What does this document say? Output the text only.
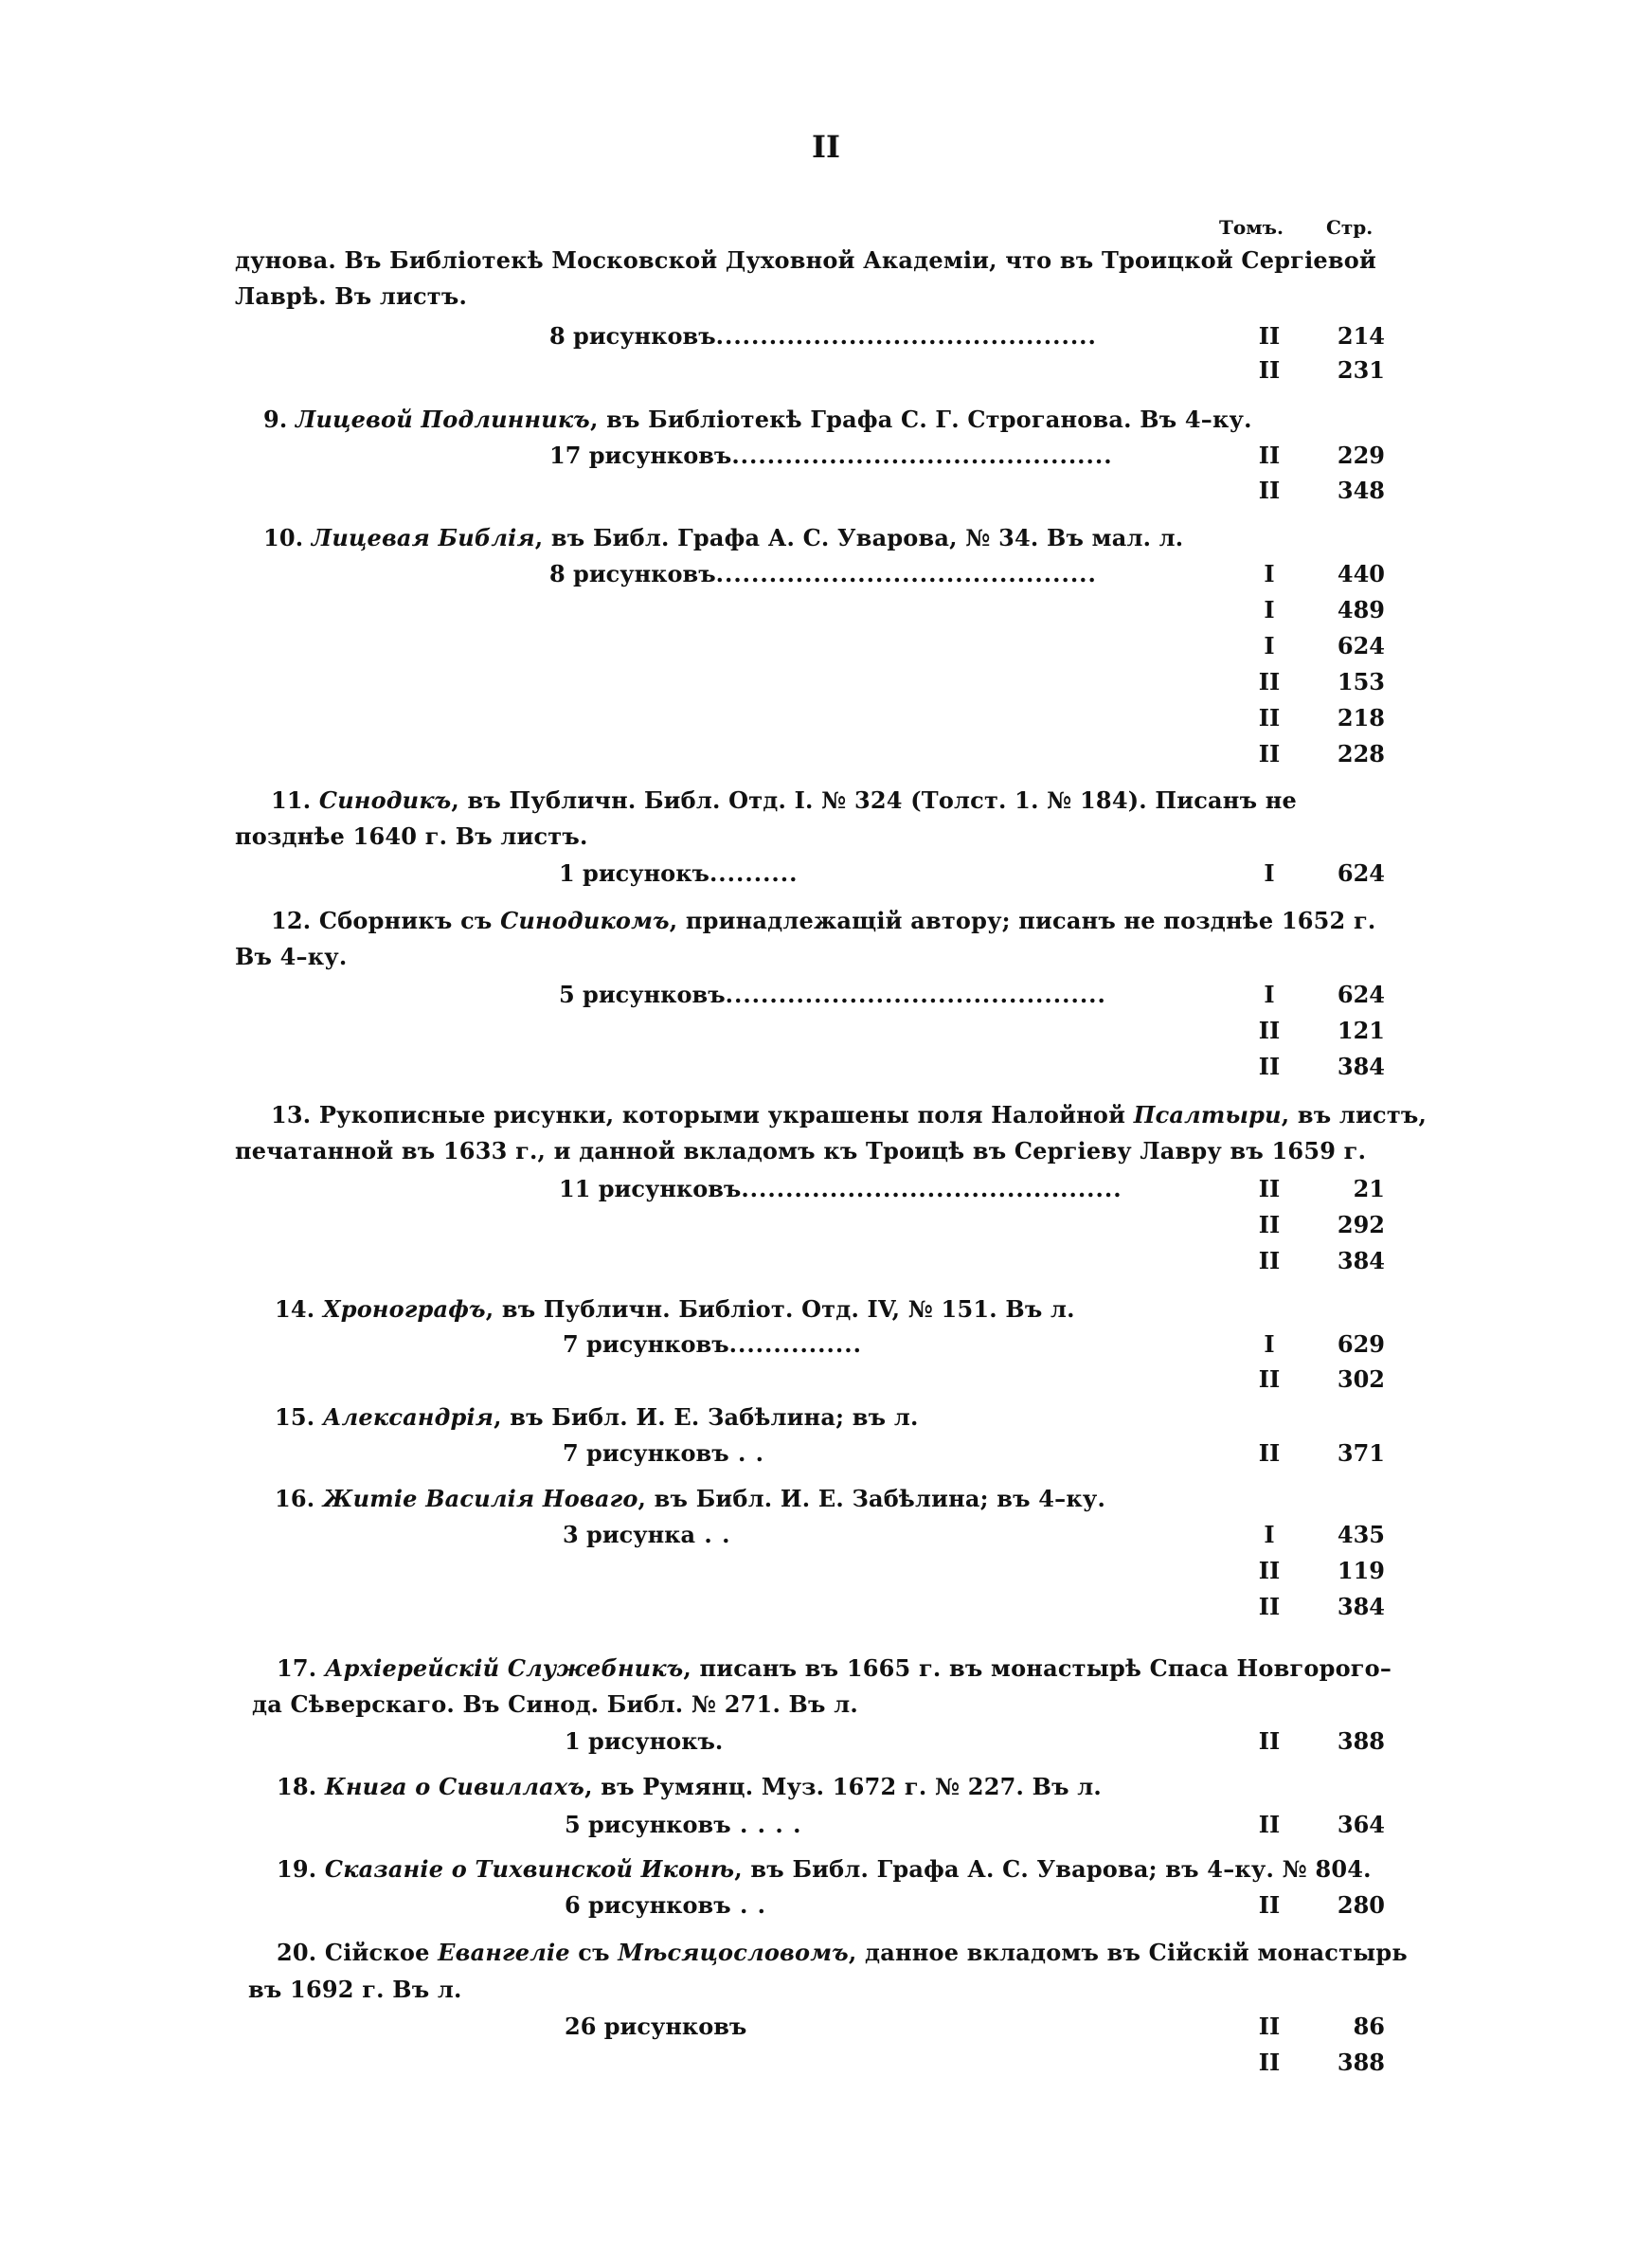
II
Томъ. Стр.
дунова. Въ Библіотекѣ Московской Духовной Академіи, что въ Троицкой Сергіевой
Лаврѣ. Въ листъ.
8 рисунковъ...........................................	II	214
II	231
9. Лицевой Подлинникъ, въ Библіотекѣ Графа С. Г. Строганова. Въ 4–ку.
17 рисунковъ...........................................	II	229
II	348
10. Лицевая Библія, въ Библ. Графа А. С. Уварова, № 34. Въ мал. л.
8 рисунковъ...........................................	I	440
I	489
I	624
II	153
II	218
II	228
11. Синодикъ, въ Публичн. Библ. Отд. I. № 324 (Толст. 1. № 184). Писанъ не
позднѣе 1640 г. Въ листъ.
1 рисунокъ..........	I	624
12. Сборникъ съ Синодикомъ, принадлежащій автору; писанъ не позднѣе 1652 г.
Въ 4–ку.
5 рисунковъ...........................................	I	624
II	121
II	384
13. Рукописные рисунки, которыми украшены поля Налойной Псалтыри, въ листъ,
печатанной въ 1633 г., и данной вкладомъ къ Троицѣ въ Сергіеву Лавру въ 1659 г.
11 рисунковъ...........................................	II	21
II	292
II	384
14. Хронографъ, въ Публичн. Библіот. Отд. IV, № 151. Въ л.
7 рисунковъ...............	I	629
II	302
15. Александрія, въ Библ. И. Е. Забѣлина; въ л.
7 рисунковъ . .	II	371
16. Житіе Василія Новаго, въ Библ. И. Е. Забѣлина; въ 4–ку.
3 рисунка . .	I	435
II	119
II	384
17. Архіерейскій Служебникъ, писанъ въ 1665 г. въ монастырѣ Спаса Новгорого–
да Сѣверскаго. Въ Синод. Библ. № 271. Въ л.
1 рисунокъ.	II	388
18. Книга о Сивиллахъ, въ Румянц. Муз. 1672 г. № 227. Въ л.
5 рисунковъ . . . .	II	364
19. Сказаніе о Тихвинской Иконѣ, въ Библ. Графа А. С. Уварова; въ 4–ку. № 804.
6 рисунковъ . .	II	280
20. Сійское Евангеліе съ Мѣсяцословомъ, данное вкладомъ въ Сійскій монастырь
въ 1692 г. Въ л.
26 рисунковъ	II	86
II	388
